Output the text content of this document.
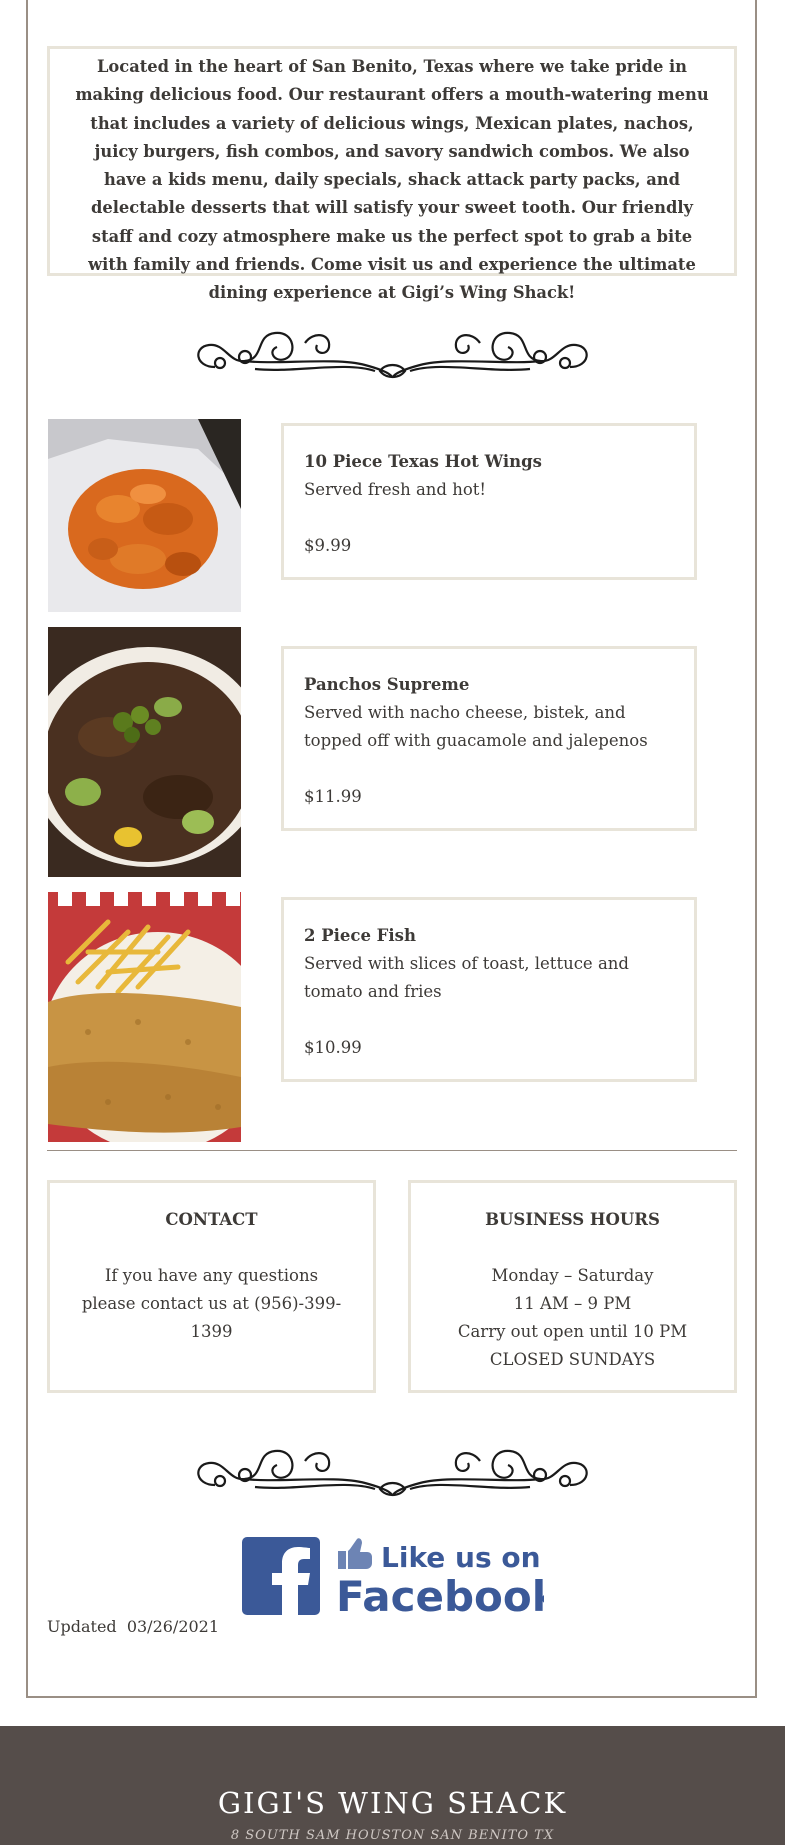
Located in the heart of San Benito, Texas where we take pride in making delicious food. Our restaurant offers a mouth-watering menu that includes a variety of delicious wings, Mexican plates, nachos, juicy burgers, fish combos, and savory sandwich combos. We also have a kids menu, daily specials, shack attack party packs, and delectable desserts that will satisfy your sweet tooth. Our friendly staff and cozy atmosphere make us the perfect spot to grab a bite with family and friends. Come visit us and experience the ultimate dining experience at Gigi’s Wing Shack!
10 Piece Texas Hot Wings
Served fresh and hot!
$9.99
Panchos Supreme
Served with nacho cheese, bistek, and topped off with guacamole and jalepenos
$11.99
2 Piece Fish
Served with slices of toast, lettuce and tomato and fries
$10.99
CONTACT
If you have any questions please contact us at (956)-399-1399
BUSINESS HOURS
Monday – Saturday
11 AM – 9 PM
Carry out open until 10 PM
CLOSED SUNDAYS
Like us on
Facebook
Updated  03/26/2021
GIGI'S WING SHACK
8 SOUTH SAM HOUSTON SAN BENITO TX
